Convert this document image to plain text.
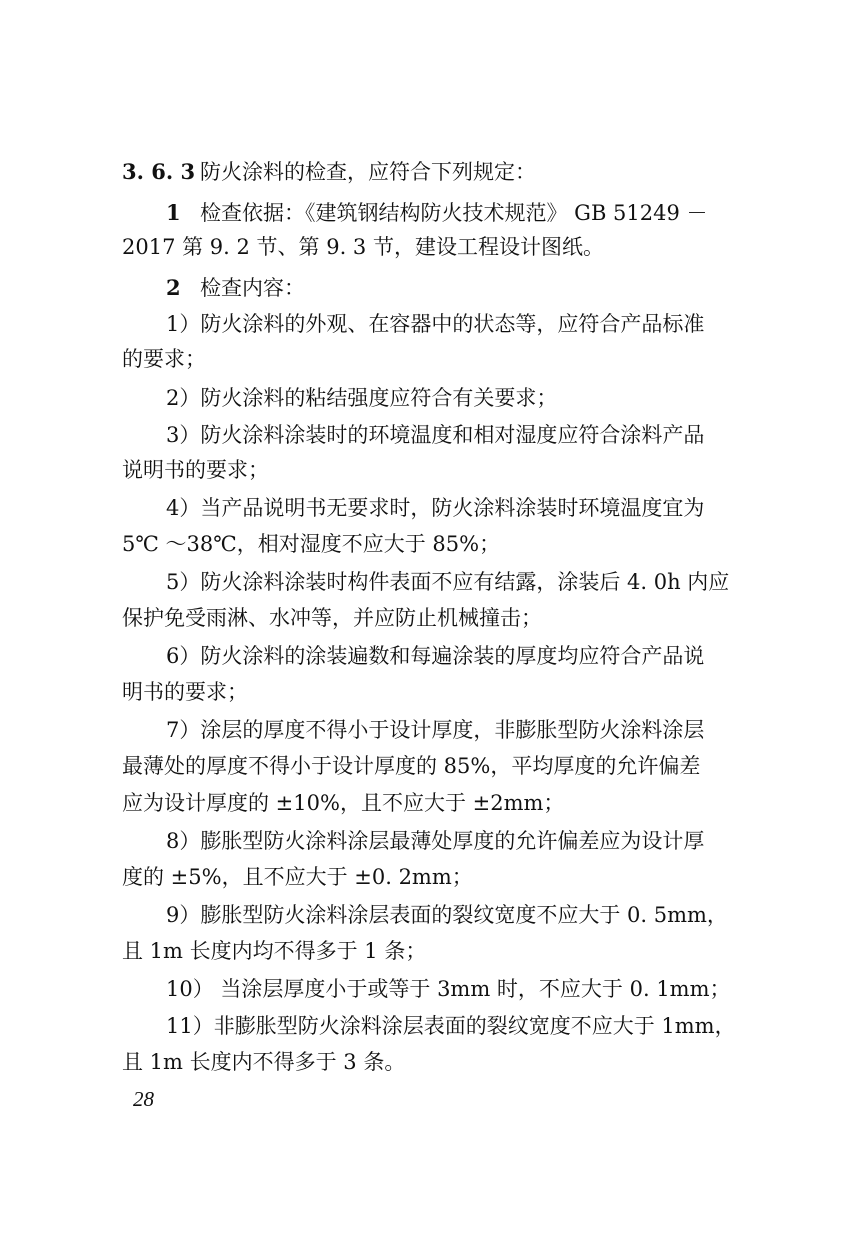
3. 6. 3 防火涂料的检查，应符合下列规定：
1 检查依据：《建筑钢结构防火技术规范》 GB 51249 －
2017 第 9. 2 节、第 9. 3 节，建设工程设计图纸。
2 检查内容：
1）防火涂料的外观、在容器中的状态等，应符合产品标准
的要求；
2）防火涂料的粘结强度应符合有关要求；
3）防火涂料涂装时的环境温度和相对湿度应符合涂料产品
说明书的要求；
4）当产品说明书无要求时，防火涂料涂装时环境温度宜为
5℃ ～38℃，相对湿度不应大于 85%；
5）防火涂料涂装时构件表面不应有结露，涂装后 4. 0h 内应
保护免受雨淋、水冲等，并应防止机械撞击；
6）防火涂料的涂装遍数和每遍涂装的厚度均应符合产品说
明书的要求；
7）涂层的厚度不得小于设计厚度，非膨胀型防火涂料涂层
最薄处的厚度不得小于设计厚度的 85%，平均厚度的允许偏差
应为设计厚度的 ±10%，且不应大于 ±2mm；
8）膨胀型防火涂料涂层最薄处厚度的允许偏差应为设计厚
度的 ±5%，且不应大于 ±0. 2mm；
9）膨胀型防火涂料涂层表面的裂纹宽度不应大于 0. 5mm，
且 1m 长度内均不得多于 1 条；
10） 当涂层厚度小于或等于 3mm 时，不应大于 0. 1mm；
11）非膨胀型防火涂料涂层表面的裂纹宽度不应大于 1mm，
且 1m 长度内不得多于 3 条。
28
